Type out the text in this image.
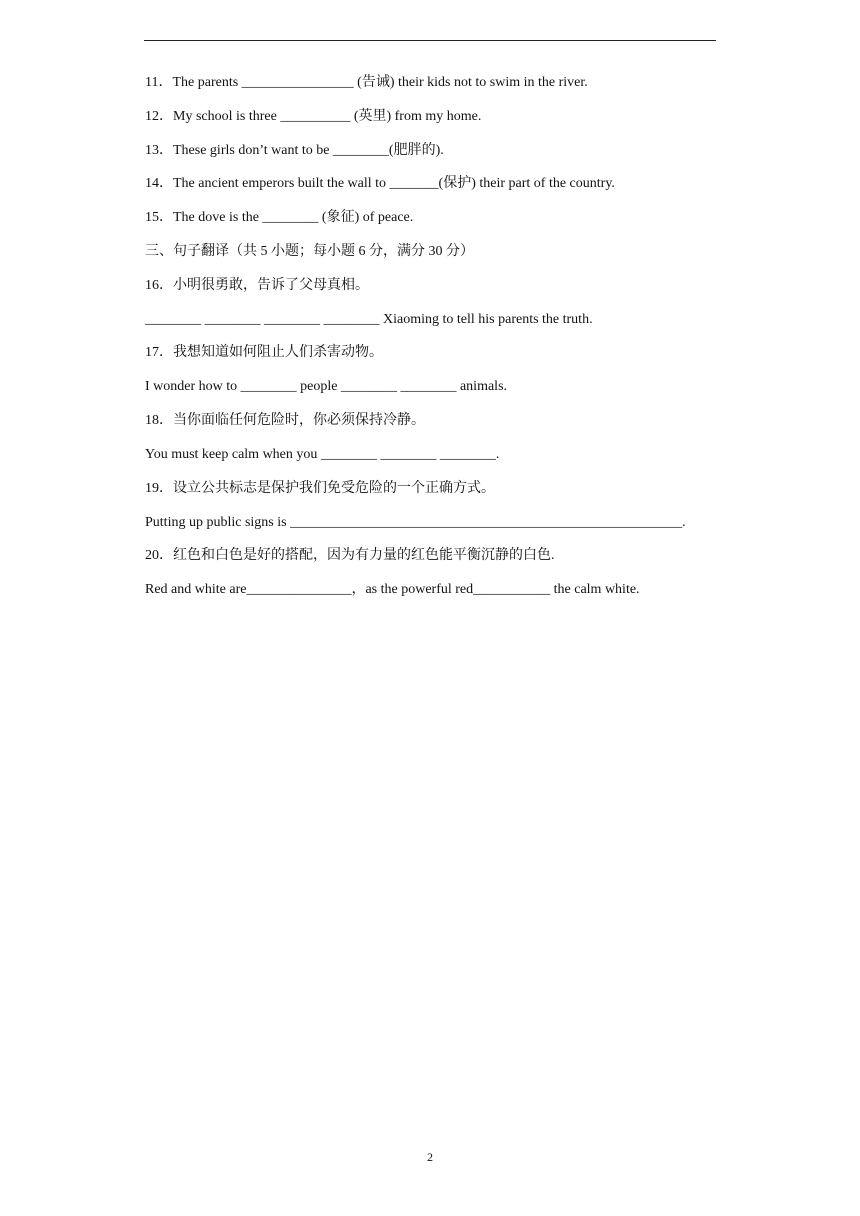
11．The parents ________________ (告诫) their kids not to swim in the river.
12．My school is three __________ (英里) from my home.
13．These girls don’t want to be ________(肥胖的).
14．The ancient emperors built the wall to _______(保护) their part of the country.
15．The dove is the ________ (象征) of peace.
三、句子翻译（共 5 小题；每小题 6 分，满分 30 分）
16．小明很勇敢，告诉了父母真相。
________ ________ ________ ________ Xiaoming to tell his parents the truth.
17．我想知道如何阻止人们杀害动物。
I wonder how to ________ people ________ ________ animals.
18．当你面临任何危险时，你必须保持冷静。
You must keep calm when you ________ ________ ________.
19．设立公共标志是保护我们免受危险的一个正确方式。
Putting up public signs is ________________________________________________________.
20．红色和白色是好的搭配，因为有力量的红色能平衡沉静的白色.
Red and white are_______________，as the powerful red___________ the calm white.
2
